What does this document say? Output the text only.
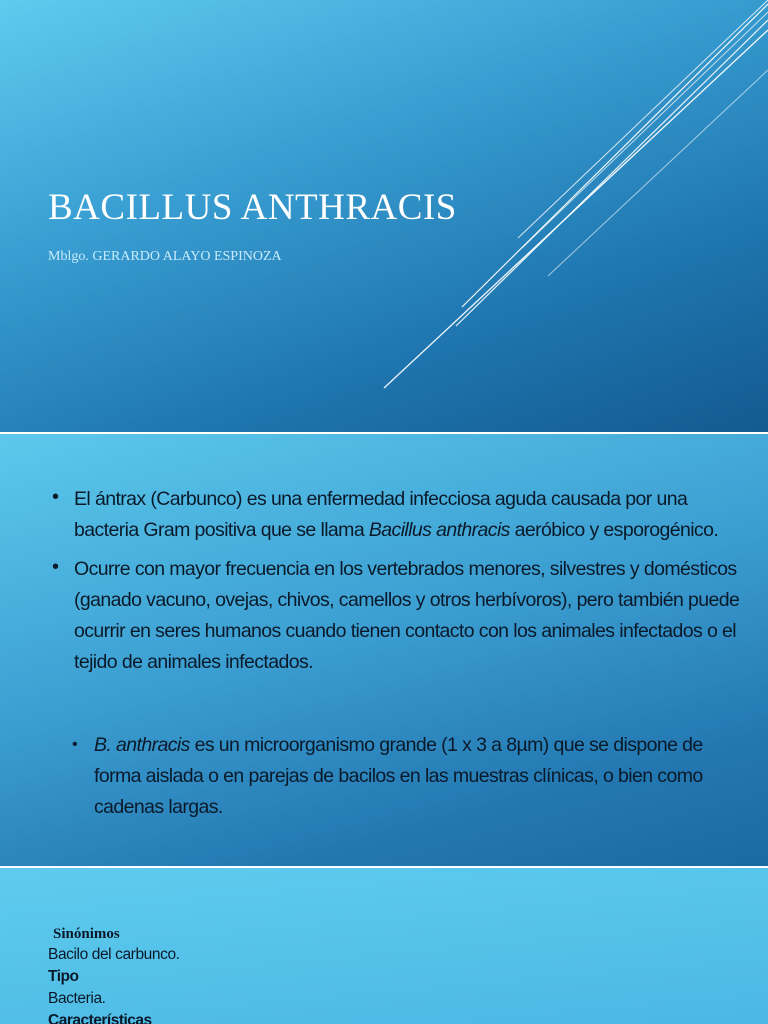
BACILLUS ANTHRACIS
Mblgo. GERARDO ALAYO ESPINOZA
• El ántrax (Carbunco) es una enfermedad infecciosa aguda causada por una bacteria Gram positiva que se llama Bacillus anthracis aeróbico y esporogénico.
• Ocurre con mayor frecuencia en los vertebrados menores, silvestres y domésticos (ganado vacuno, ovejas, chivos, camellos y otros herbívoros), pero también puede ocurrir en seres humanos cuando tienen contacto con los animales infectados o el tejido de animales infectados.
• B. anthracis es un microorganismo grande (1 x 3 a 8µm) que se dispone de forma aislada o en parejas de bacilos en las muestras clínicas, o bien como cadenas largas.
Sinónimos
Bacilo del carbunco.
Tipo
Bacteria.
Características
